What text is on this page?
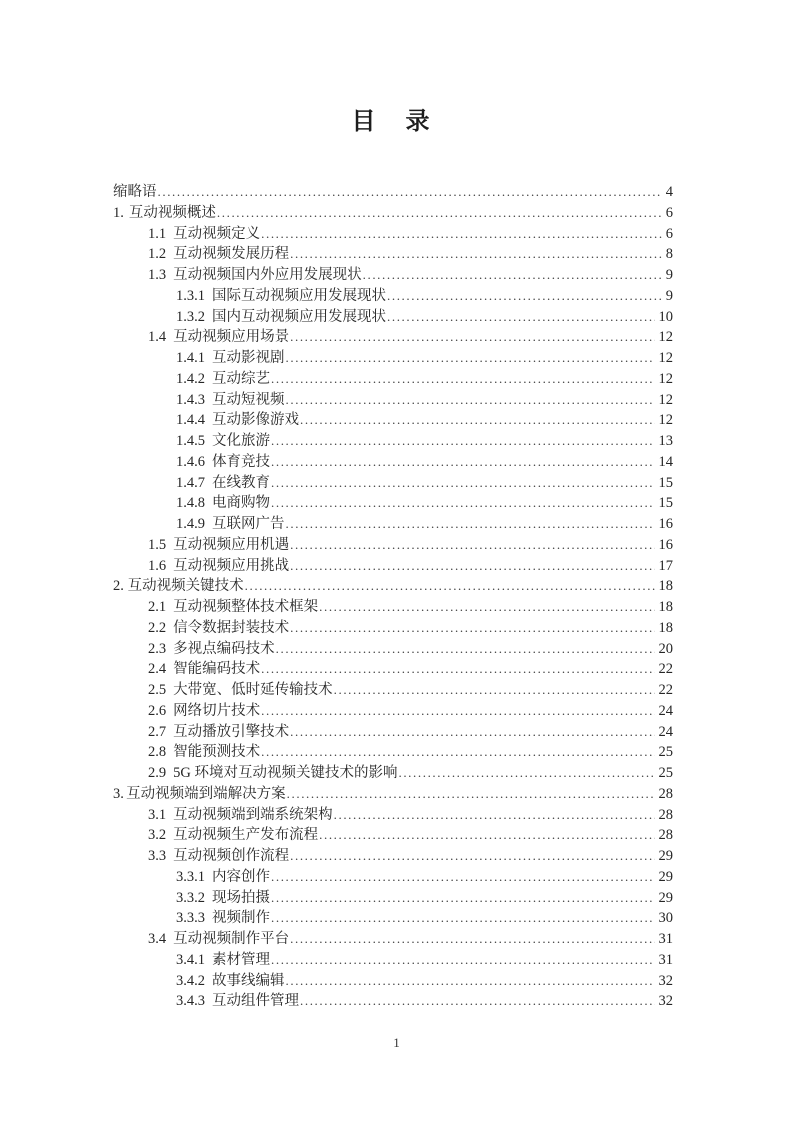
目 录
缩略语 .....	4
1. 互动视频概述 .....	6
1.1 互动视频定义 .....	6
1.2 互动视频发展历程 .....	8
1.3 互动视频国内外应用发展现状 .....	9
1.3.1 国际互动视频应用发展现状 .....	9
1.3.2 国内互动视频应用发展现状 .....	10
1.4 互动视频应用场景 .....	12
1.4.1 互动影视剧 .....	12
1.4.2 互动综艺 .....	12
1.4.3 互动短视频 .....	12
1.4.4 互动影像游戏 .....	12
1.4.5 文化旅游 .....	13
1.4.6 体育竞技 .....	14
1.4.7 在线教育 .....	15
1.4.8 电商购物 .....	15
1.4.9 互联网广告 .....	16
1.5 互动视频应用机遇 .....	16
1.6 互动视频应用挑战 .....	17
2. 互动视频关键技术 .....	18
2.1 互动视频整体技术框架 .....	18
2.2 信令数据封装技术 .....	18
2.3 多视点编码技术 .....	20
2.4 智能编码技术 .....	22
2.5 大带宽、低时延传输技术 .....	22
2.6 网络切片技术 .....	24
2.7 互动播放引擎技术 .....	24
2.8 智能预测技术 .....	25
2.9 5G 环境对互动视频关键技术的影响 .....	25
3. 互动视频端到端解决方案 .....	28
3.1 互动视频端到端系统架构 .....	28
3.2 互动视频生产发布流程 .....	28
3.3 互动视频创作流程 .....	29
3.3.1 内容创作 .....	29
3.3.2 现场拍摄 .....	29
3.3.3 视频制作 .....	30
3.4 互动视频制作平台 .....	31
3.4.1 素材管理 .....	31
3.4.2 故事线编辑 .....	32
3.4.3 互动组件管理 .....	32
1
